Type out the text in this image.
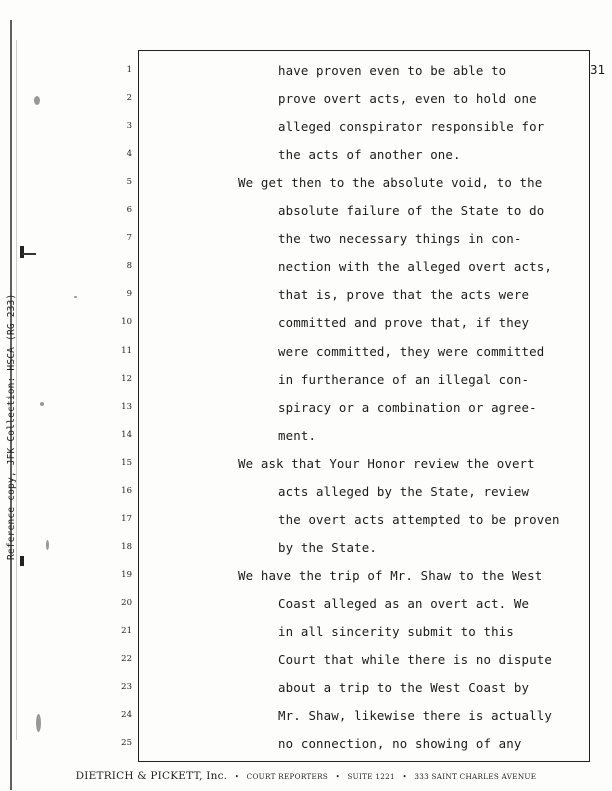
Reference copy, JFK Collection: HSCA (RG 233)
31
1
2
3
4
5
6
7
8
9
10
11
12
13
14
15
16
17
18
19
20
21
22
23
24
25
have proven even to be able to
prove overt acts, even to hold one
alleged conspirator responsible for
the acts of another one.
We get then to the absolute void, to the
absolute failure of the State to do
the two necessary things in con-
nection with the alleged overt acts,
that is, prove that the acts were
committed and prove that, if they
were committed, they were committed
in furtherance of an illegal con-
spiracy or a combination or agree-
ment.
We ask that Your Honor review the overt
acts alleged by the State, review
the overt acts attempted to be proven
by the State.
We have the trip of Mr. Shaw to the West
Coast alleged as an overt act. We
in all sincerity submit to this
Court that while there is no dispute
about a trip to the West Coast by
Mr. Shaw, likewise there is actually
no connection, no showing of any
DIETRICH & PICKETT, Inc. • COURT REPORTERS • SUITE 1221 • 333 SAINT CHARLES AVENUE
